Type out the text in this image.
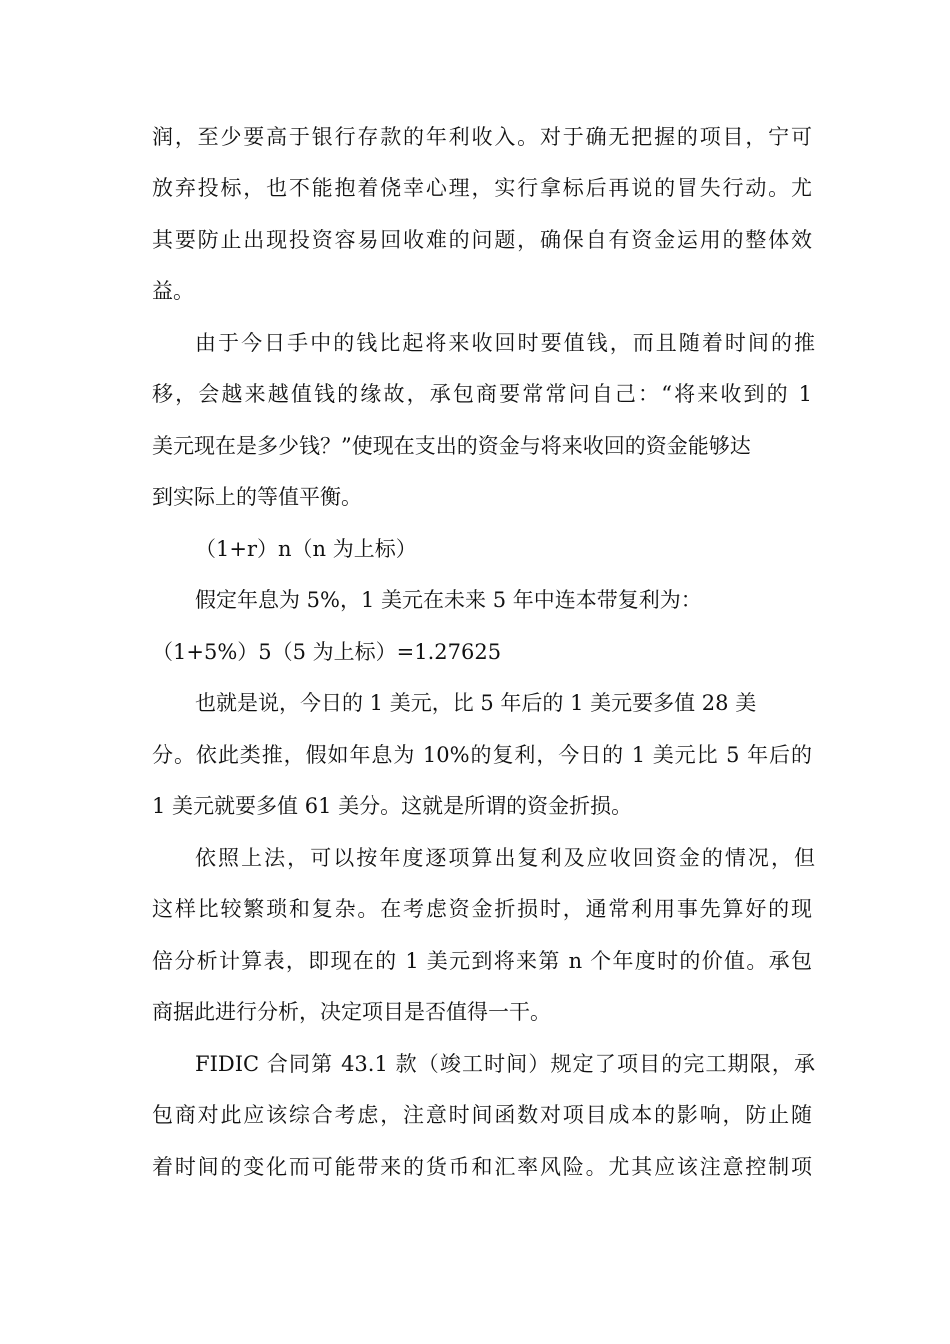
润，至少要高于银行存款的年利收入。对于确无把握的项目，宁可
放弃投标，也不能抱着侥幸心理，实行拿标后再说的冒失行动。尤
其要防止出现投资容易回收难的问题，确保自有资金运用的整体效
益。
由于今日手中的钱比起将来收回时要值钱，而且随着时间的推
移，会越来越值钱的缘故，承包商要常常问自己：“将来收到的 1
美元现在是多少钱？”使现在支出的资金与将来收回的资金能够达
到实际上的等值平衡。
（1+r）n（n 为上标）
假定年息为 5%，1 美元在未来 5 年中连本带复利为：
（1+5%）5（5 为上标）=1.27625
也就是说，今日的 1 美元，比 5 年后的 1 美元要多值 28 美
分。依此类推，假如年息为 10%的复利，今日的 1 美元比 5 年后的
1 美元就要多值 61 美分。这就是所谓的资金折损。
依照上法，可以按年度逐项算出复利及应收回资金的情况，但
这样比较繁琐和复杂。在考虑资金折损时，通常利用事先算好的现
倍分析计算表，即现在的 1 美元到将来第 n 个年度时的价值。承包
商据此进行分析，决定项目是否值得一干。
FIDIC 合同第 43.1 款（竣工时间）规定了项目的完工期限，承
包商对此应该综合考虑，注意时间函数对项目成本的影响，防止随
着时间的变化而可能带来的货币和汇率风险。尤其应该注意控制项
